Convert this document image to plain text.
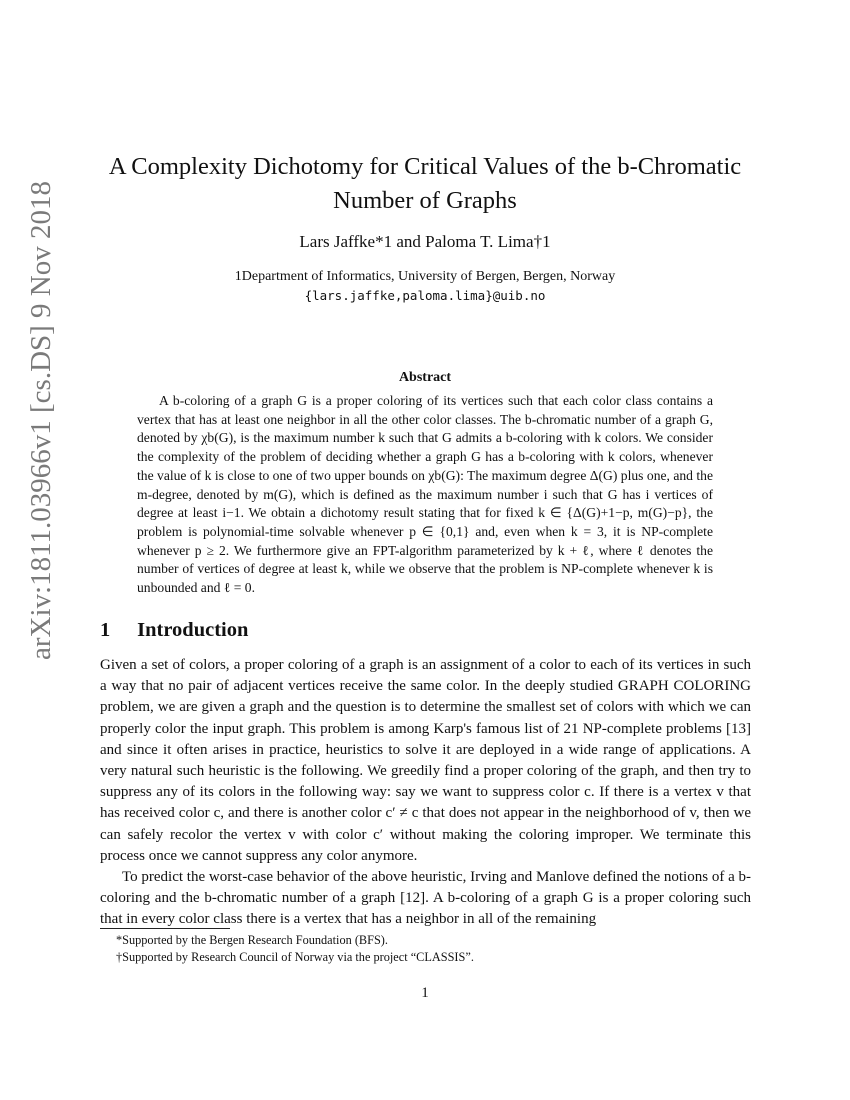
arXiv:1811.03966v1 [cs.DS] 9 Nov 2018
A Complexity Dichotomy for Critical Values of the b-Chromatic Number of Graphs
Lars Jaffke*1 and Paloma T. Lima†1
1Department of Informatics, University of Bergen, Bergen, Norway
{lars.jaffke,paloma.lima}@uib.no
Abstract
A b-coloring of a graph G is a proper coloring of its vertices such that each color class contains a vertex that has at least one neighbor in all the other color classes. The b-chromatic number of a graph G, denoted by χb(G), is the maximum number k such that G admits a b-coloring with k colors. We consider the complexity of the problem of deciding whether a graph G has a b-coloring with k colors, whenever the value of k is close to one of two upper bounds on χb(G): The maximum degree Δ(G) plus one, and the m-degree, denoted by m(G), which is defined as the maximum number i such that G has i vertices of degree at least i−1. We obtain a dichotomy result stating that for fixed k ∈ {Δ(G)+1−p, m(G)−p}, the problem is polynomial-time solvable whenever p ∈ {0,1} and, even when k = 3, it is NP-complete whenever p ≥ 2. We furthermore give an FPT-algorithm parameterized by k + ℓ, where ℓ denotes the number of vertices of degree at least k, while we observe that the problem is NP-complete whenever k is unbounded and ℓ = 0.
1 Introduction

Given a set of colors, a proper coloring of a graph is an assignment of a color to each of its vertices in such a way that no pair of adjacent vertices receive the same color. In the deeply studied GRAPH COLORING problem, we are given a graph and the question is to determine the smallest set of colors with which we can properly color the input graph. This problem is among Karp's famous list of 21 NP-complete problems [13] and since it often arises in practice, heuristics to solve it are deployed in a wide range of applications. A very natural such heuristic is the following. We greedily find a proper coloring of the graph, and then try to suppress any of its colors in the following way: say we want to suppress color c. If there is a vertex v that has received color c, and there is another color c′ ≠ c that does not appear in the neighborhood of v, then we can safely recolor the vertex v with color c′ without making the coloring improper. We terminate this process once we cannot suppress any color anymore.

To predict the worst-case behavior of the above heuristic, Irving and Manlove defined the notions of a b-coloring and the b-chromatic number of a graph [12]. A b-coloring of a graph G is a proper coloring such that in every color class there is a vertex that has a neighbor in all of the remaining

*Supported by the Bergen Research Foundation (BFS).
†Supported by Research Council of Norway via the project “CLASSIS”.
1
